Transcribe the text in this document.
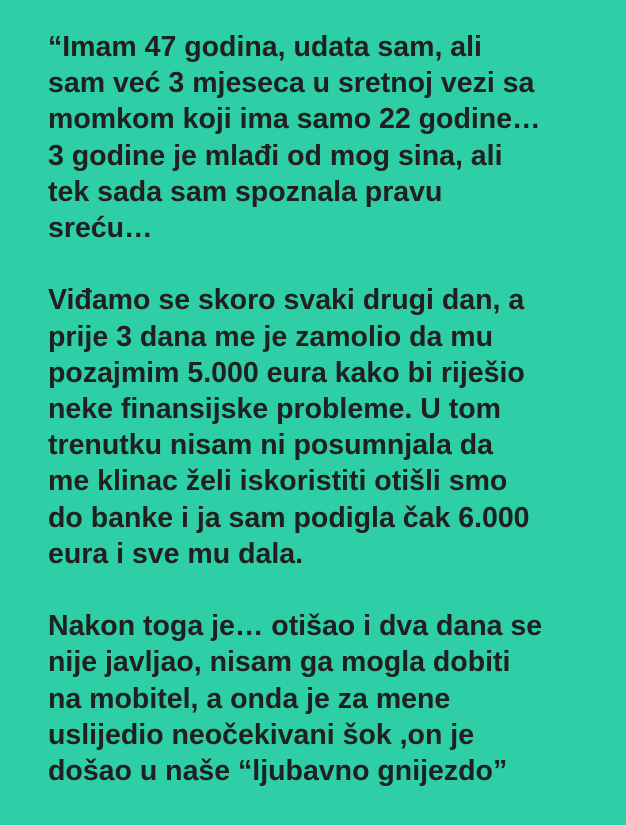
“Imam 47 godina, udata sam, ali
sam već 3 mjeseca u sretnoj vezi sa
momkom koji ima samo 22 godine…
3 godine je mlađi od mog sina, ali
tek sada sam spoznala pravu
sreću…
Viđamo se skoro svaki drugi dan, a
prije 3 dana me je zamolio da mu
pozajmim 5.000 eura kako bi riješio
neke finansijske probleme. U tom
trenutku nisam ni posumnjala da
me klinac želi iskoristiti otišli smo
do banke i ja sam podigla čak 6.000
eura i sve mu dala.
Nakon toga je… otišao i dva dana se
nije javljao, nisam ga mogla dobiti
na mobitel, a onda je za mene
uslijedio neočekivani šok ,on je
došao u naše “ljubavno gnijezdo”
